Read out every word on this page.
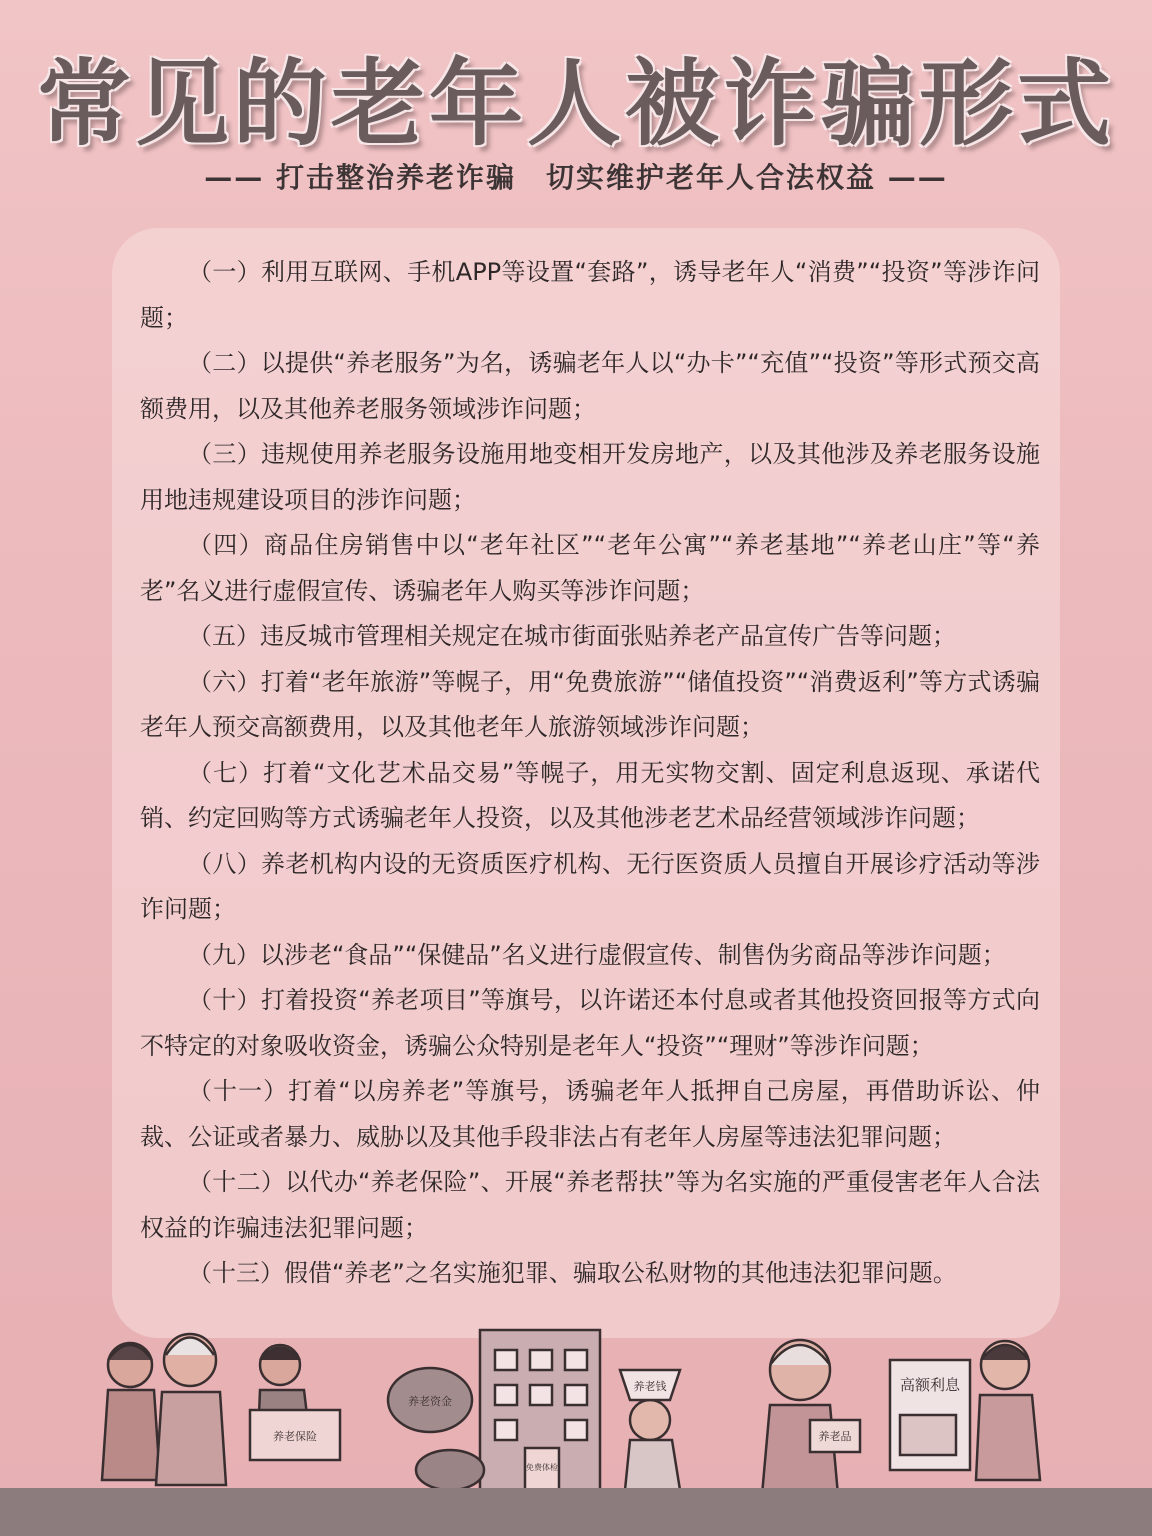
常见的老年人被诈骗形式
—— 打击整治养老诈骗　切实维护老年人合法权益 ——

（一）利用互联网、手机APP等设置“套路”，诱导老年人“消费”“投资”等涉诈问题；

（二）以提供“养老服务”为名，诱骗老年人以“办卡”“充值”“投资”等形式预交高额费用，以及其他养老服务领域涉诈问题；

（三）违规使用养老服务设施用地变相开发房地产，以及其他涉及养老服务设施用地违规建设项目的涉诈问题；

（四）商品住房销售中以“老年社区”“老年公寓”“养老基地”“养老山庄”等“养老”名义进行虚假宣传、诱骗老年人购买等涉诈问题；

（五）违反城市管理相关规定在城市街面张贴养老产品宣传广告等问题；

（六）打着“老年旅游”等幌子，用“免费旅游”“储值投资”“消费返利”等方式诱骗老年人预交高额费用，以及其他老年人旅游领域涉诈问题；

（七）打着“文化艺术品交易”等幌子，用无实物交割、固定利息返现、承诺代销、约定回购等方式诱骗老年人投资，以及其他涉老艺术品经营领域涉诈问题；

（八）养老机构内设的无资质医疗机构、无行医资质人员擅自开展诊疗活动等涉诈问题；

（九）以涉老“食品”“保健品”名义进行虚假宣传、制售伪劣商品等涉诈问题；

（十）打着投资“养老项目”等旗号，以许诺还本付息或者其他投资回报等方式向不特定的对象吸收资金，诱骗公众特别是老年人“投资”“理财”等涉诈问题；

（十一）打着“以房养老”等旗号，诱骗老年人抵押自己房屋，再借助诉讼、仲裁、公证或者暴力、威胁以及其他手段非法占有老年人房屋等违法犯罪问题；

（十二）以代办“养老保险”、开展“养老帮扶”等为名实施的严重侵害老年人合法权益的诈骗违法犯罪问题；

（十三）假借“养老”之名实施犯罪、骗取公私财物的其他违法犯罪问题。

养老保险
养老资金
养老钱
免费体检
养老品
高额利息
